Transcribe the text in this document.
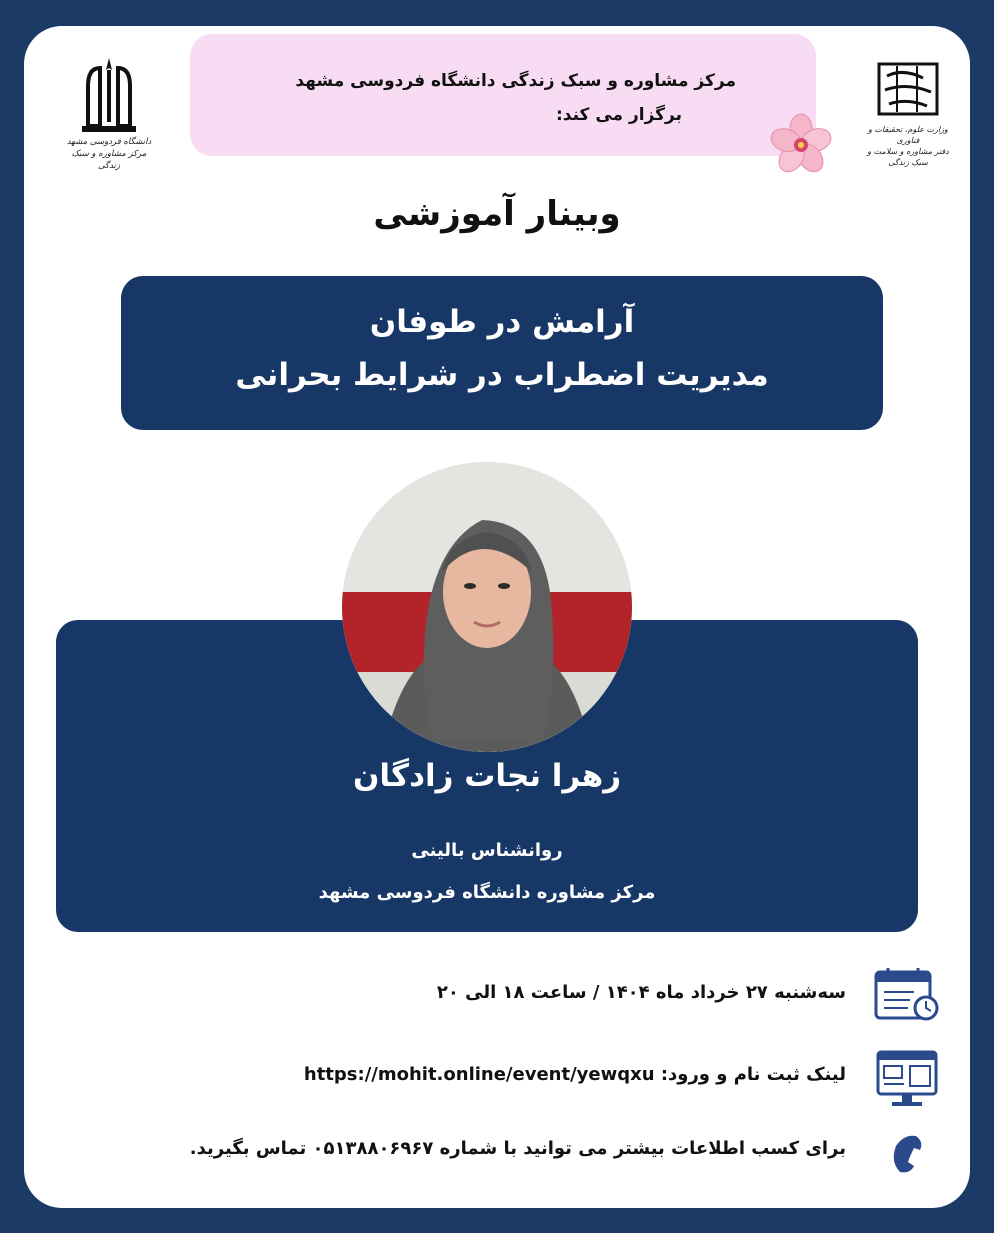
دانشگاه فردوسی مشهد
مرکز مشاوره و سبک زندگی
وزارت علوم، تحقیقات و فناوری
دفتر مشاوره و سلامت و سبک زندگی
مرکز مشاوره و سبک زندگی دانشگاه فردوسی مشهد
برگزار می کند:
وبینار آموزشی
آرامش در طوفان
مدیریت اضطراب در شرایط بحرانی
زهرا نجات زادگان
روانشناس بالینی
مرکز مشاوره دانشگاه فردوسی مشهد
سه‌شنبه ۲۷ خرداد ماه ۱۴۰۴ / ساعت ۱۸ الی ۲۰
لینک ثبت نام و ورود: https://mohit.online/event/yewqxu
برای کسب اطلاعات بیشتر می توانید با شماره ۰۵۱۳۸۸۰۶۹۶۷ تماس بگیرید.
